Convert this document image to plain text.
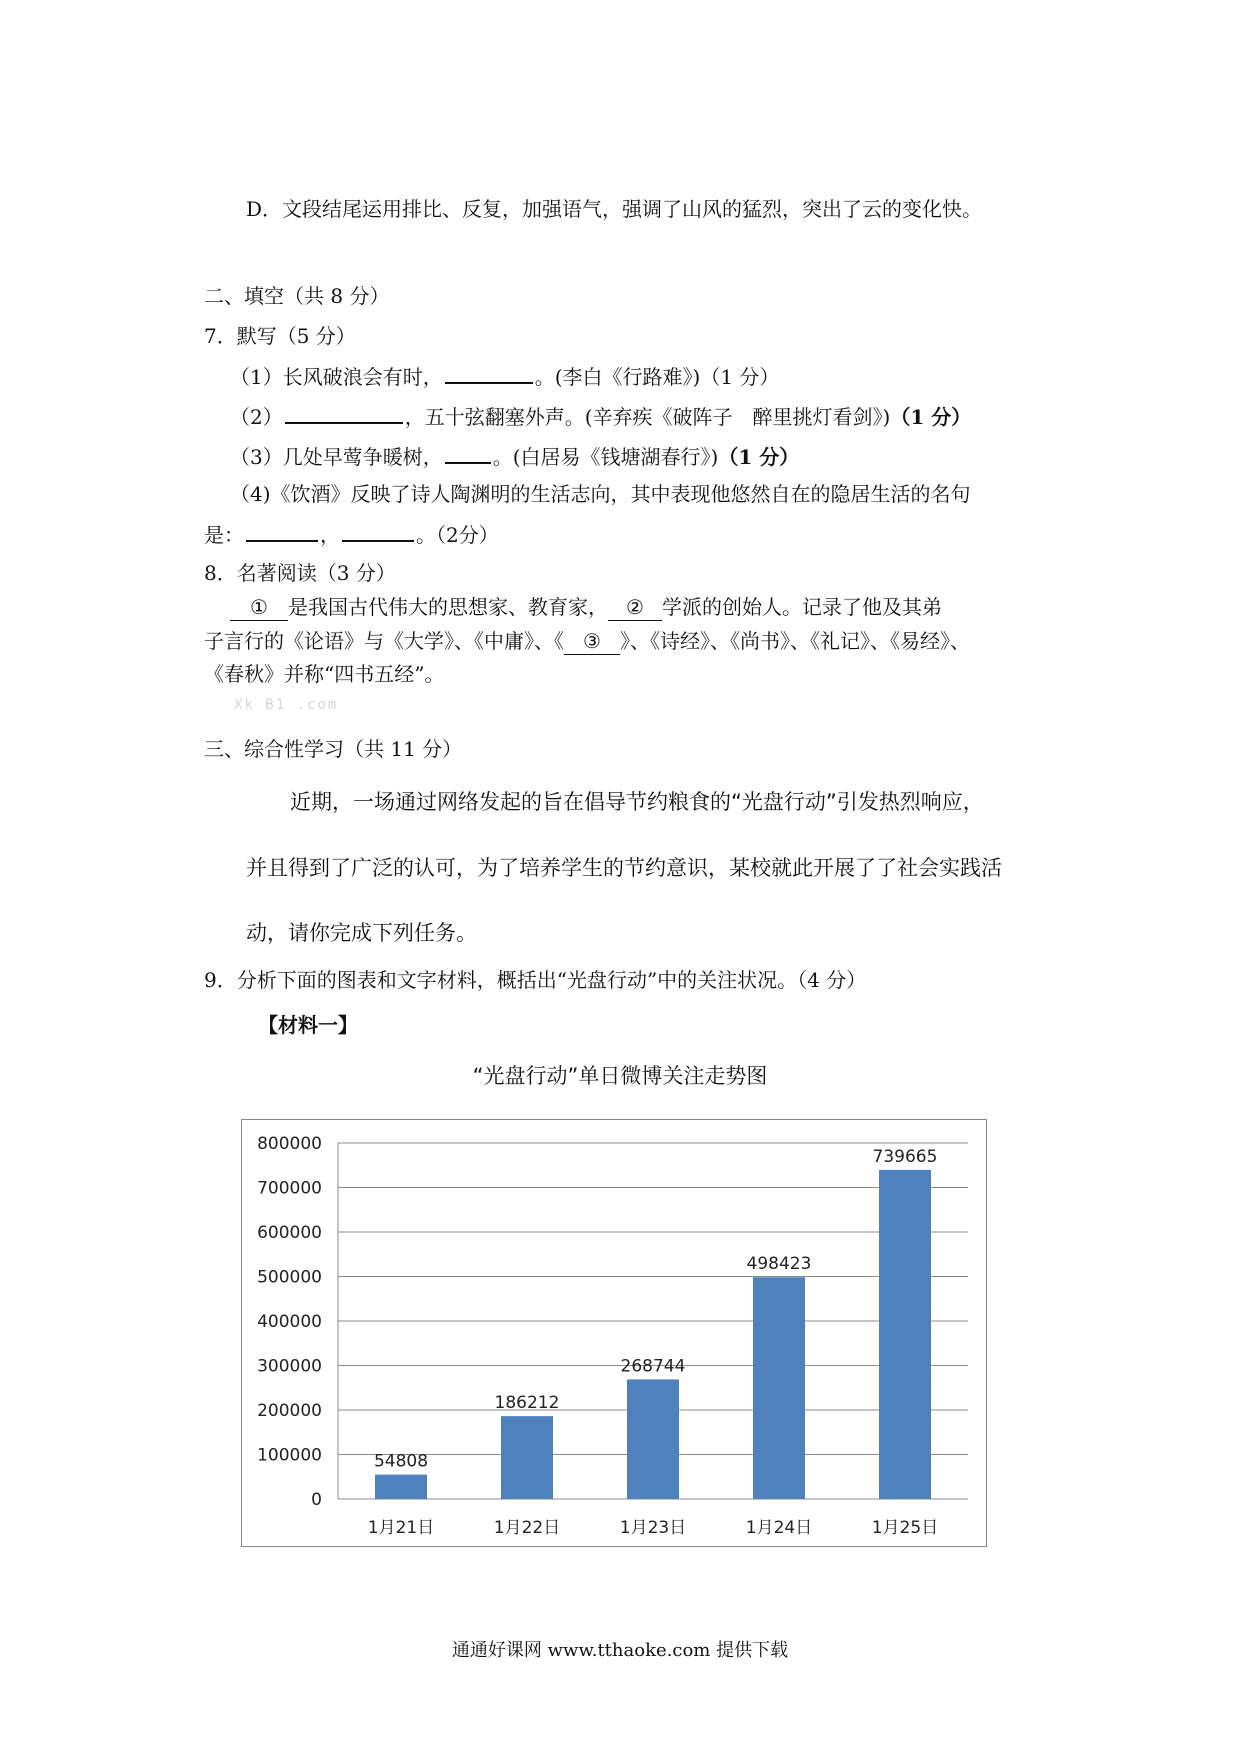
D．文段结尾运用排比、反复，加强语气，强调了山风的猛烈，突出了云的变化快。
二、填空（共 8 分）
7．默写（5 分）
（1）长风破浪会有时，	。(李白《行路难》)（1 分）
（2）	，五十弦翻塞外声。(辛弃疾《破阵子　醉里挑灯看剑》)（1 分）
（3）几处早莺争暖树，	。(白居易《钱塘湖春行》)（1 分）
（4)《饮酒》反映了诗人陶渊明的生活志向，其中表现他悠然自在的隐居生活的名句
是：	，	。（2分）
8．名著阅读（3 分）
① 是我国古代伟大的思想家、教育家， ② 学派的创始人。记录了他及其弟
子言行的《论语》与《大学》、《中庸》、《 ③ 》、《诗经》、《尚书》、《礼记》、《易经》、
《春秋》并称“四书五经”。
Xk B1 .com
三、综合性学习（共 11 分）
近期，一场通过网络发起的旨在倡导节约粮食的“光盘行动”引发热烈响应，
并且得到了广泛的认可，为了培养学生的节约意识，某校就此开展了了社会实践活
动，请你完成下列任务。
9．分析下面的图表和文字材料，概括出“光盘行动”中的关注状况。（4 分）
【材料一】
“光盘行动”单日微博关注走势图
0
100000
200000
300000
400000
500000
600000
700000
800000
54808
1月21日
186212
1月22日
268744
1月23日
498423
1月24日
739665
1月25日
通通好课网 www.tthaoke.com 提供下载
